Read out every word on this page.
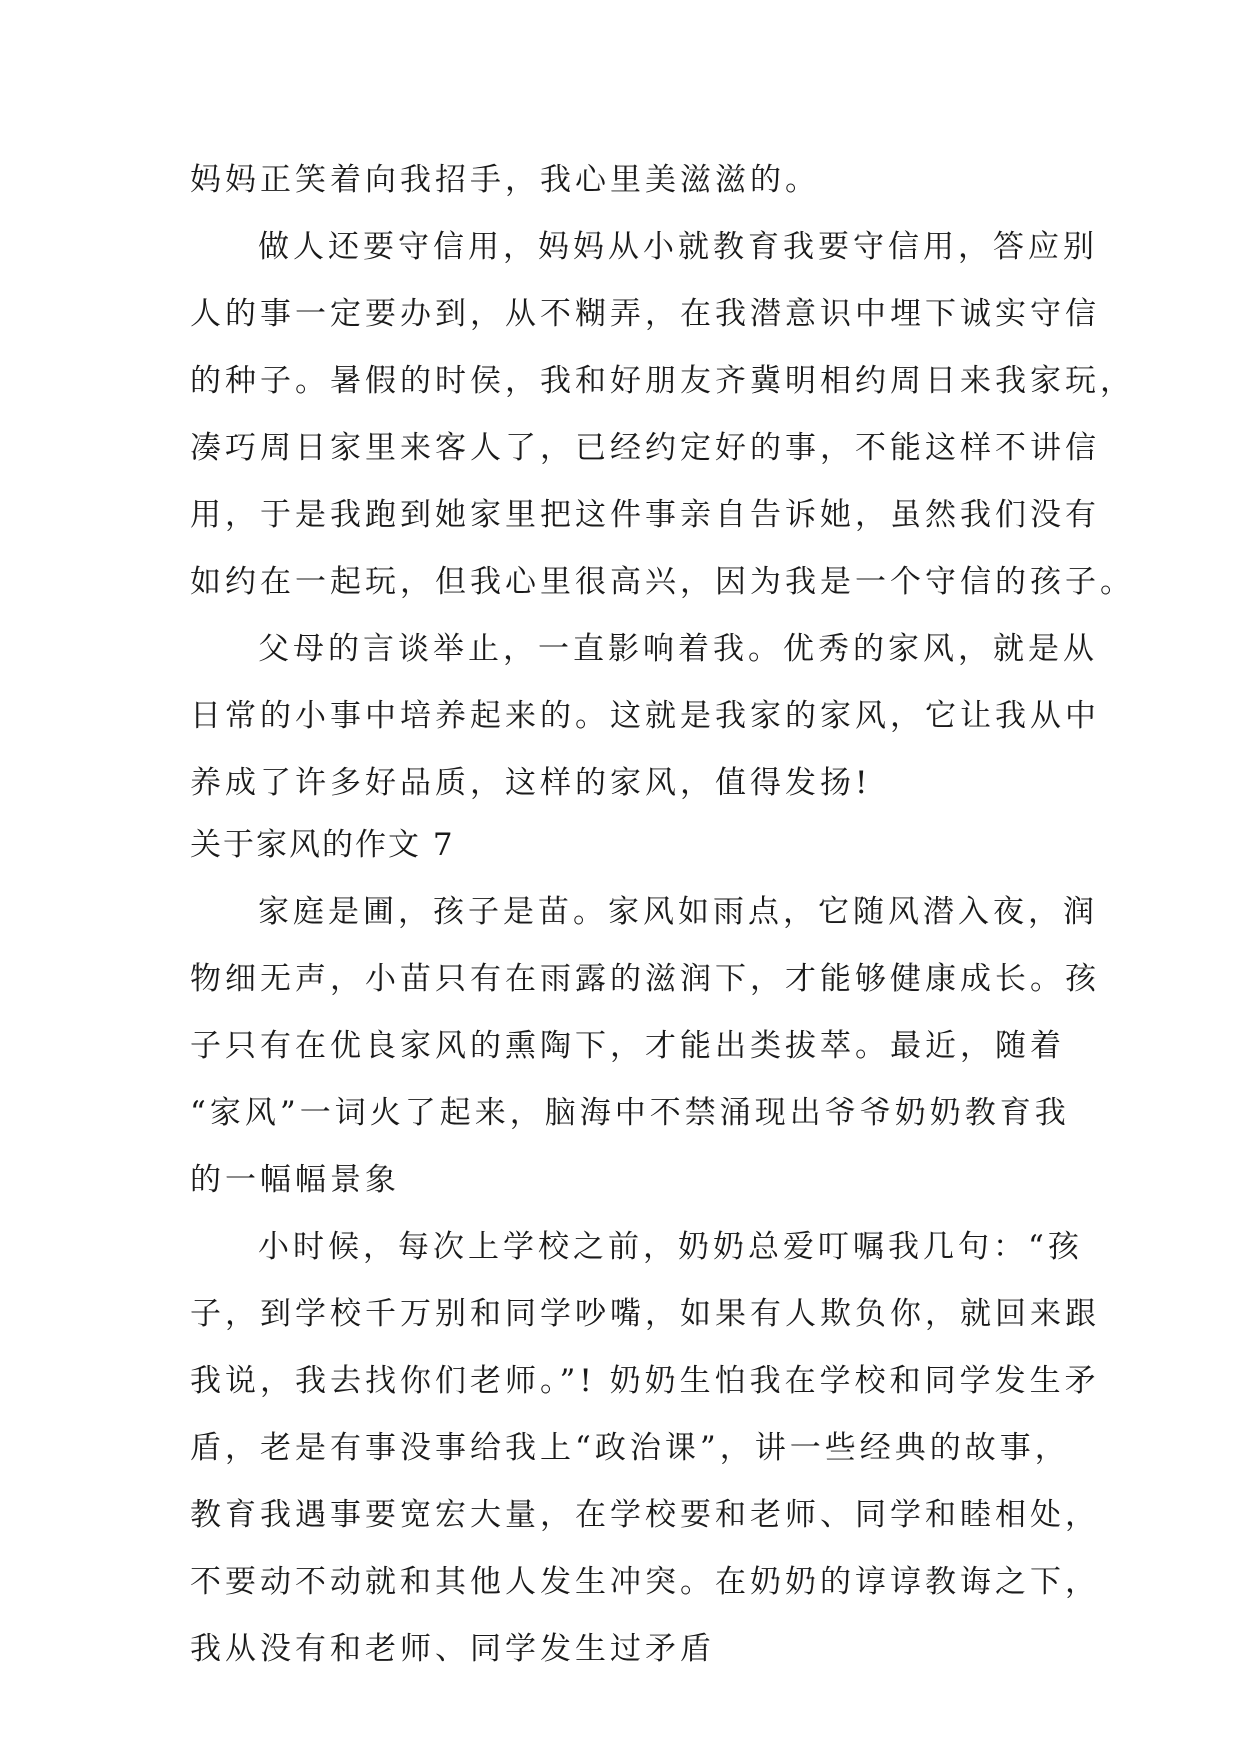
妈妈正笑着向我招手，我心里美滋滋的。

做人还要守信用，妈妈从小就教育我要守信用，答应别

人的事一定要办到，从不糊弄，在我潜意识中埋下诚实守信

的种子。暑假的时侯，我和好朋友齐冀明相约周日来我家玩，

凑巧周日家里来客人了，已经约定好的事，不能这样不讲信

用，于是我跑到她家里把这件事亲自告诉她，虽然我们没有

如约在一起玩，但我心里很高兴，因为我是一个守信的孩子。

父母的言谈举止，一直影响着我。优秀的家风，就是从

日常的小事中培养起来的。这就是我家的家风，它让我从中

养成了许多好品质，这样的家风，值得发扬!

关于家风的作文 7

家庭是圃，孩子是苗。家风如雨点，它随风潜入夜，润

物细无声，小苗只有在雨露的滋润下，才能够健康成长。孩

子只有在优良家风的熏陶下，才能出类拔萃。最近，随着

“家风”一词火了起来，脑海中不禁涌现出爷爷奶奶教育我

的一幅幅景象

小时候，每次上学校之前，奶奶总爱叮嘱我几句：“孩

子，到学校千万别和同学吵嘴，如果有人欺负你，就回来跟

我说，我去找你们老师。”! 奶奶生怕我在学校和同学发生矛

盾，老是有事没事给我上“政治课”，讲一些经典的故事，

教育我遇事要宽宏大量，在学校要和老师、同学和睦相处，

不要动不动就和其他人发生冲突。在奶奶的谆谆教诲之下，

我从没有和老师、同学发生过矛盾
